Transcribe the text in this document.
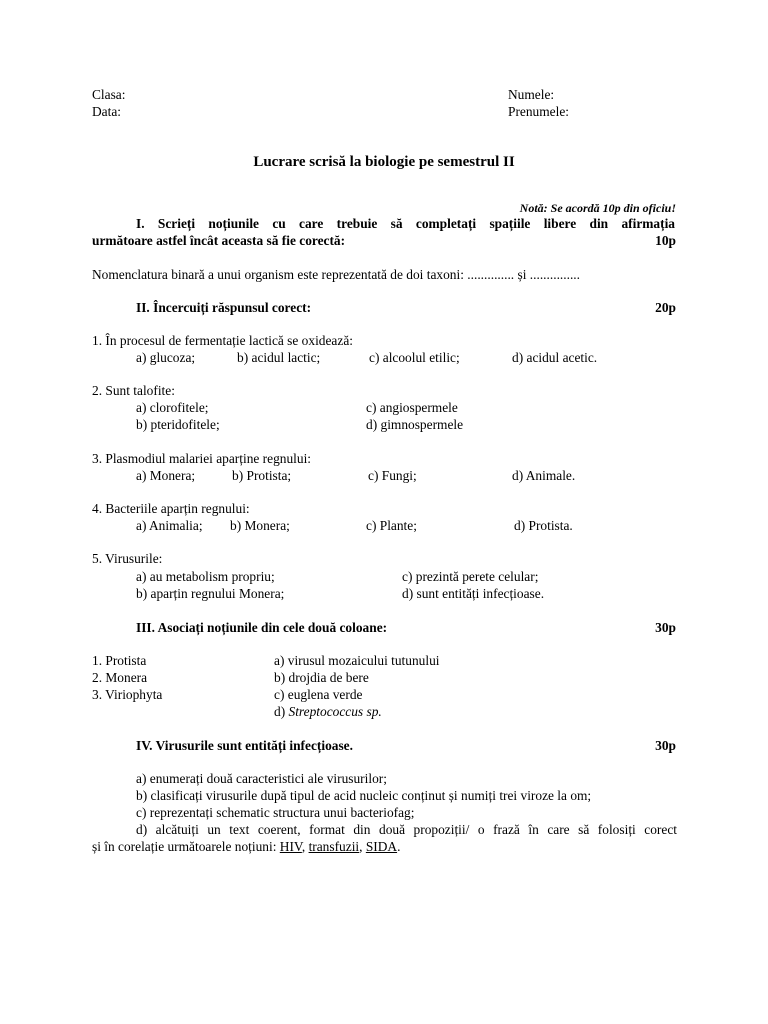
Clasa:
Data:
Numele:
Prenumele:
Lucrare scrisă la biologie pe semestrul II
Notă: Se acordă 10p din oficiu!
I. Scrieți noțiunile cu care trebuie să completați spațiile libere din afirmația
următoare astfel încât aceasta să fie corectă:	10p
Nomenclatura binară a unui organism este reprezentată de doi taxoni: .............. și ...............
II. Încercuiți răspunsul corect:	20p
1. În procesul de fermentație lactică se oxidează:
a) glucoza;	b) acidul lactic;	c) alcoolul etilic;	d) acidul acetic.
2. Sunt talofite:
a) clorofitele;
b) pteridofitele;
c) angiospermele
d) gimnospermele
3. Plasmodiul malariei aparține regnului:
a) Monera;	b) Protista;	c) Fungi;	d) Animale.
4. Bacteriile aparțin regnului:
a) Animalia; b) Monera;	c) Plante;	d) Protista.
5. Virusurile:
a) au metabolism propriu;
b) aparțin regnului Monera;
c) prezintă perete celular;
d) sunt entități infecțioase.
III. Asociați noțiunile din cele două coloane:	30p
1. Protista
2. Monera
3. Viriophyta
a) virusul mozaicului tutunului
b) drojdia de bere
c) euglena verde
d) Streptococcus sp.
IV. Virusurile sunt entități infecțioase.	30p
a) enumerați două caracteristici ale virusurilor;
b) clasificați virusurile după tipul de acid nucleic conținut și numiți trei viroze la om;
c) reprezentați schematic structura unui bacteriofag;
d) alcătuiți un text coerent, format din două propoziții/ o frază în care să folosiți corect
și în corelație următoarele noțiuni: HIV, transfuzii, SIDA.
